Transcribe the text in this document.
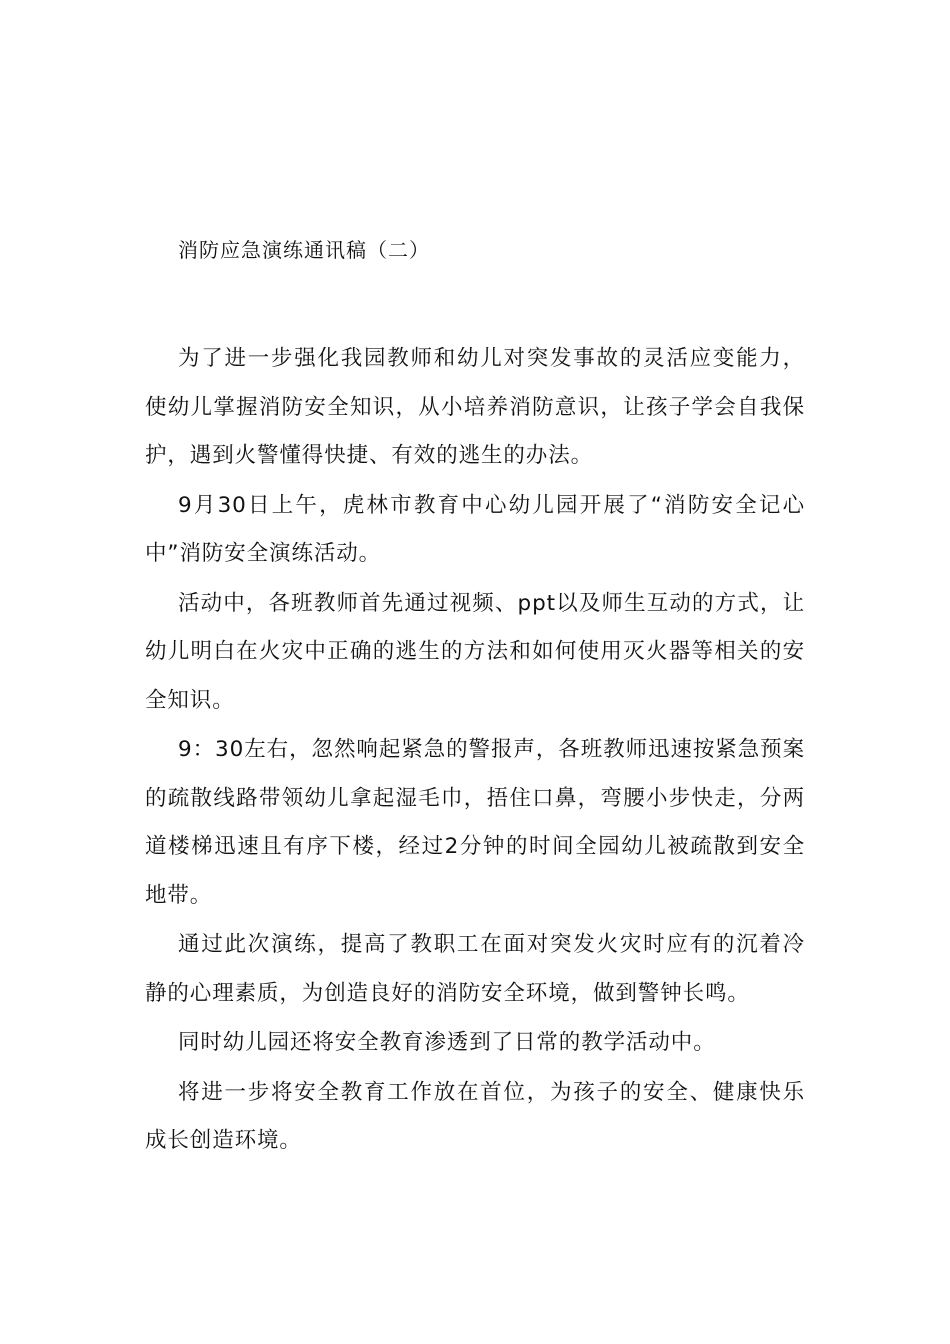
消防应急演练通讯稿（二）

为了进一步强化我园教师和幼儿对突发事故的灵活应变能力，使幼儿掌握消防安全知识，从小培养消防意识，让孩子学会自我保护，遇到火警懂得快捷、有效的逃生的办法。

9月30日上午，虎林市教育中心幼儿园开展了“消防安全记心中”消防安全演练活动。

活动中，各班教师首先通过视频、ppt以及师生互动的方式，让幼儿明白在火灾中正确的逃生的方法和如何使用灭火器等相关的安全知识。

9：30左右，忽然响起紧急的警报声，各班教师迅速按紧急预案的疏散线路带领幼儿拿起湿毛巾，捂住口鼻，弯腰小步快走，分两道楼梯迅速且有序下楼，经过2分钟的时间全园幼儿被疏散到安全地带。

通过此次演练，提高了教职工在面对突发火灾时应有的沉着冷静的心理素质，为创造良好的消防安全环境，做到警钟长鸣。

同时幼儿园还将安全教育渗透到了日常的教学活动中。

将进一步将安全教育工作放在首位，为孩子的安全、健康快乐成长创造环境。
